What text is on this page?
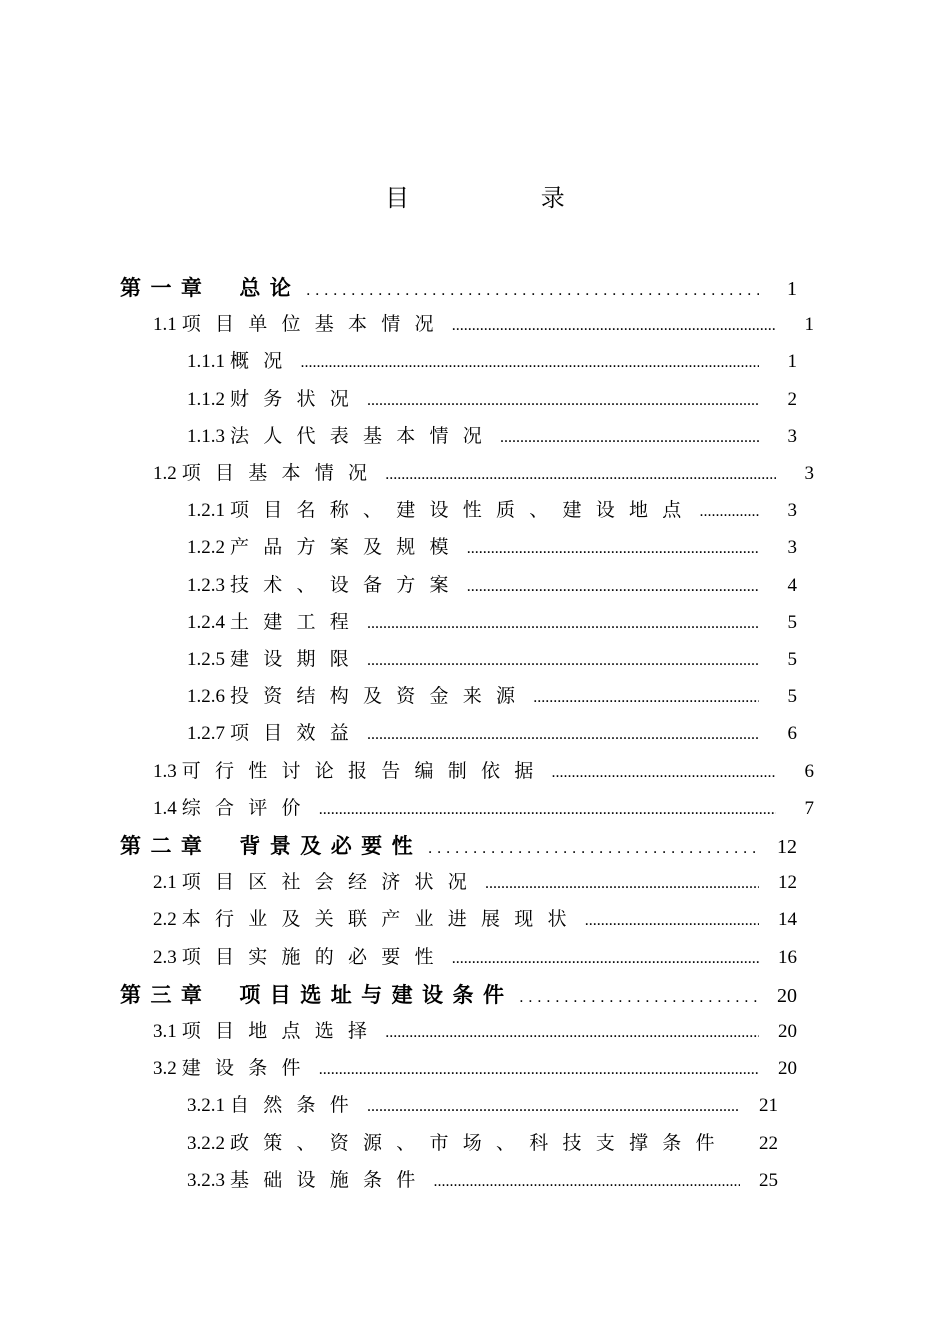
目 录
第一章 总论 .....	1
1.1 项目单位基本情况 .....	1
1.1.1 概况 .....	1
1.1.2 财务状况 .....	2
1.1.3 法人代表基本情况 .....	3
1.2 项目基本情况 .....	3
1.2.1 项目名称、建设性质、建设地点 .....	3
1.2.2 产品方案及规模 .....	3
1.2.3 技术、设备方案 .....	4
1.2.4 土建工程 .....	5
1.2.5 建设期限 .....	5
1.2.6 投资结构及资金来源 .....	5
1.2.7 项目效益 .....	6
1.3 可行性讨论报告编制依据 .....	6
1.4 综合评价 .....	7
第二章 背景及必要性 .....	12
2.1 项目区社会经济状况 .....	12
2.2 本行业及关联产业进展现状 .....	14
2.3 项目实施的必要性 .....	16
第三章 项目选址与建设条件 .....	20
3.1 项目地点选择 .....	20
3.2 建设条件 .....	20
3.2.1 自然条件 .....	21
3.2.2 政策、资源、市场、科技支撑条件	22
3.2.3 基础设施条件 .....	25
